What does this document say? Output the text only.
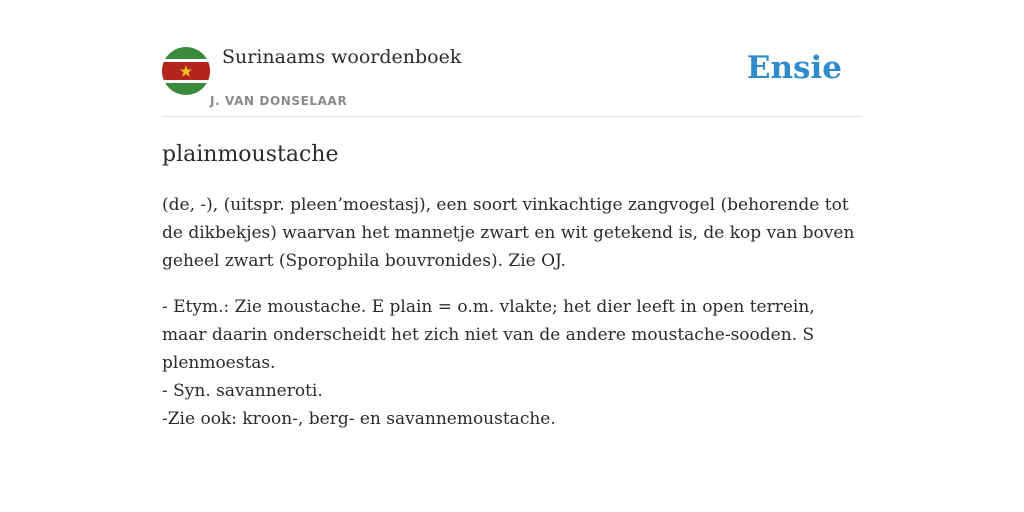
Surinaams woordenboek
J. VAN DONSELAAR
Ensie
plainmoustache

(de, -), (uitspr. pleen’moestasj), een soort vinkachtige zangvogel (behorende tot de dikbekjes) waarvan het mannetje zwart en wit getekend is, de kop van boven geheel zwart (Sporophila bouvronides). Zie OJ.

- Etym.: Zie moustache. E plain = o.m. vlakte; het dier leeft in open terrein, maar daarin onderscheidt het zich niet van de andere moustache-sooden. S plenmoestas.
- Syn. savanneroti.
-Zie ook: kroon-, berg- en savannemoustache.
